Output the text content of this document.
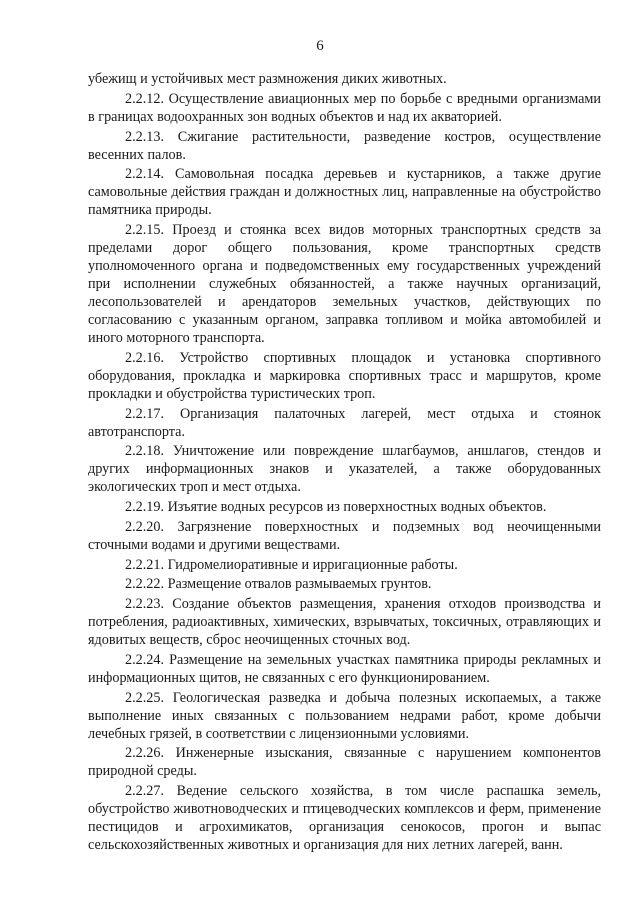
6

убежищ и устойчивых мест размножения диких животных.

2.2.12. Осуществление авиационных мер по борьбе с вредными организмами в границах водоохранных зон водных объектов и над их акваторией.

2.2.13. Сжигание растительности, разведение костров, осуществление весенних палов.

2.2.14. Самовольная посадка деревьев и кустарников, а также другие самовольные действия граждан и должностных лиц, направленные на обустройство памятника природы.

2.2.15. Проезд и стоянка всех видов моторных транспортных средств за пределами дорог общего пользования, кроме транспортных средств уполномоченного органа и подведомственных ему государственных учреждений при исполнении служебных обязанностей, а также научных организаций, лесопользователей и арендаторов земельных участков, действующих по согласованию с указанным органом, заправка топливом и мойка автомобилей и иного моторного транспорта.

2.2.16. Устройство спортивных площадок и установка спортивного оборудования, прокладка и маркировка спортивных трасс и маршрутов, кроме прокладки и обустройства туристических троп.

2.2.17. Организация палаточных лагерей, мест отдыха и стоянок автотранспорта.

2.2.18. Уничтожение или повреждение шлагбаумов, аншлагов, стендов и других информационных знаков и указателей, а также оборудованных экологических троп и мест отдыха.

2.2.19. Изъятие водных ресурсов из поверхностных водных объектов.

2.2.20. Загрязнение поверхностных и подземных вод неочищенными сточными водами и другими веществами.

2.2.21. Гидромелиоративные и ирригационные работы.

2.2.22. Размещение отвалов размываемых грунтов.

2.2.23. Создание объектов размещения, хранения отходов производства и потребления, радиоактивных, химических, взрывчатых, токсичных, отравляющих и ядовитых веществ, сброс неочищенных сточных вод.

2.2.24. Размещение на земельных участках памятника природы рекламных и информационных щитов, не связанных с его функционированием.

2.2.25. Геологическая разведка и добыча полезных ископаемых, а также выполнение иных связанных с пользованием недрами работ, кроме добычи лечебных грязей, в соответствии с лицензионными условиями.

2.2.26. Инженерные изыскания, связанные с нарушением компонентов природной среды.

2.2.27. Ведение сельского хозяйства, в том числе распашка земель, обустройство животноводческих и птицеводческих комплексов и ферм, применение пестицидов и агрохимикатов, организация сенокосов, прогон и выпас сельскохозяйственных животных и организация для них летних лагерей, ванн.
